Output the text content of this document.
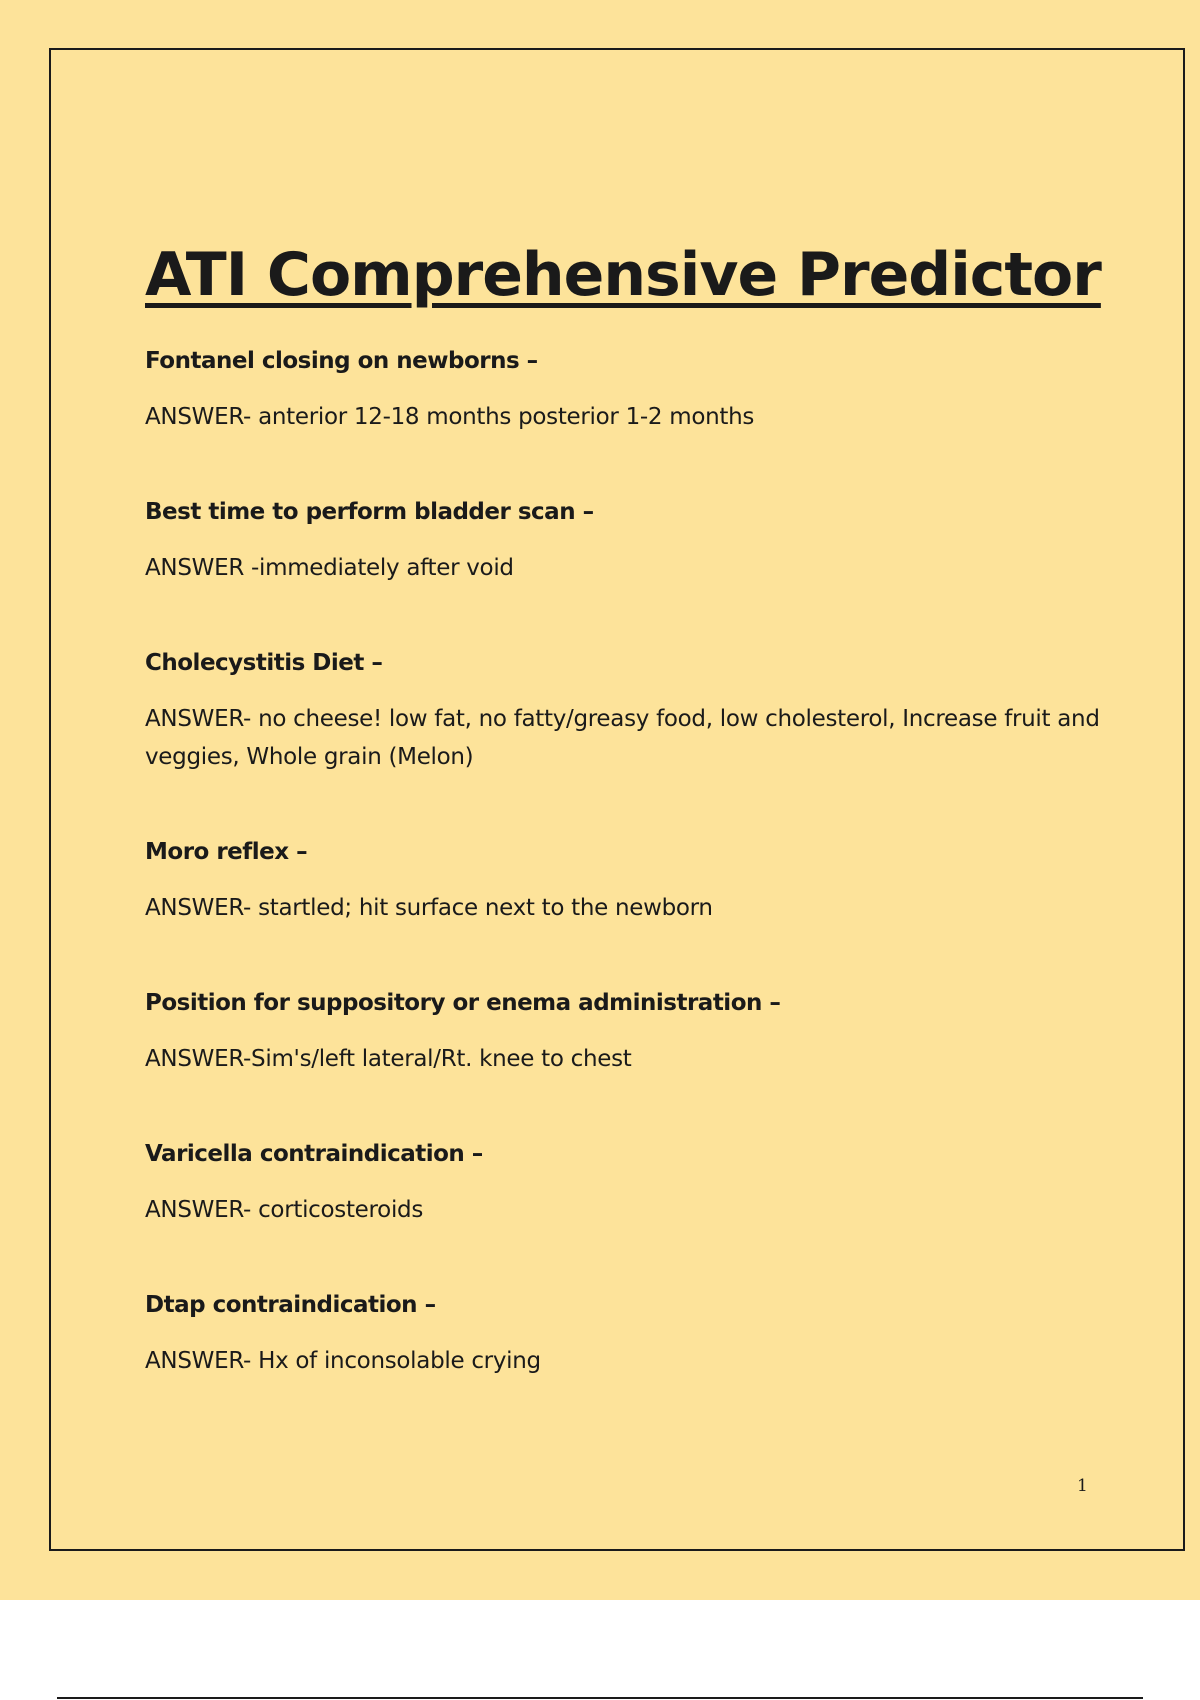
ATI Comprehensive Predictor

Fontanel closing on newborns –

ANSWER- anterior 12-18 months posterior 1-2 months

Best time to perform bladder scan –

ANSWER -immediately after void

Cholecystitis Diet –

ANSWER- no cheese! low fat, no fatty/greasy food, low cholesterol, Increase fruit and veggies, Whole grain (Melon)

Moro reflex –

ANSWER- startled; hit surface next to the newborn

Position for suppository or enema administration –

ANSWER-Sim's/left lateral/Rt. knee to chest

Varicella contraindication –

ANSWER- corticosteroids

Dtap contraindication –

ANSWER- Hx of inconsolable crying

1
